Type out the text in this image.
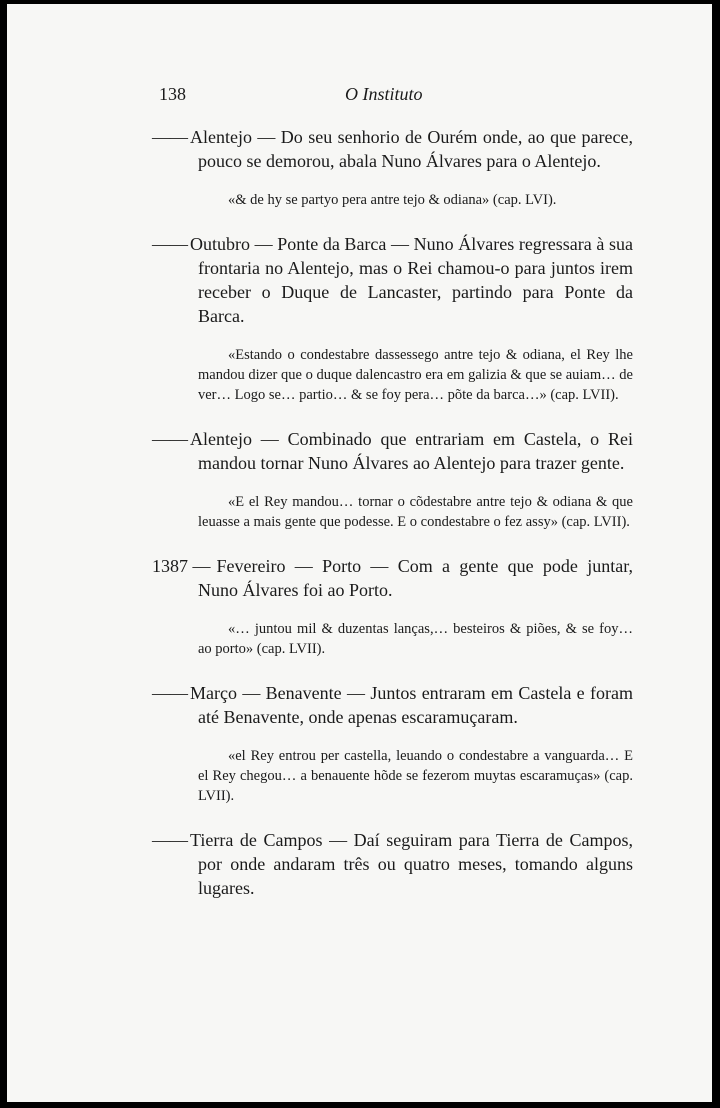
138	O Instituto

—— Alentejo — Do seu senhorio de Ourém onde, ao que parece, pouco se demorou, abala Nuno Álvares para o Alentejo.

«& de hy se partyo pera antre tejo & odiana» (cap. LVI).

—— Outubro — Ponte da Barca — Nuno Álvares regressara à sua frontaria no Alentejo, mas o Rei chamou-o para juntos irem receber o Duque de Lancaster, partindo para Ponte da Barca.

«Estando o condestabre dassessego antre tejo & odiana, el Rey lhe mandou dizer que o duque dalencastro era em galizia & que se auiam… de ver… Logo se… partio… & se foy pera… põte da barca…» (cap. LVII).

—— Alentejo — Combinado que entrariam em Castela, o Rei mandou tornar Nuno Álvares ao Alentejo para trazer gente.

«E el Rey mandou… tornar o cõdestabre antre tejo & odiana & que leuasse a mais gente que podesse. E o condestabre o fez assy» (cap. LVII).

1387 — Fevereiro — Porto — Com a gente que pode juntar, Nuno Álvares foi ao Porto.

«… juntou mil & duzentas lanças,… besteiros & piões, & se foy… ao porto» (cap. LVII).

—— Março — Benavente — Juntos entraram em Castela e foram até Benavente, onde apenas escaramuçaram.

«el Rey entrou per castella, leuando o condestabre a vanguarda… E el Rey chegou… a benauente hõde se fezerom muytas escaramuças» (cap. LVII).

—— Tierra de Campos — Daí seguiram para Tierra de Campos, por onde andaram três ou quatro meses, tomando alguns lugares.
